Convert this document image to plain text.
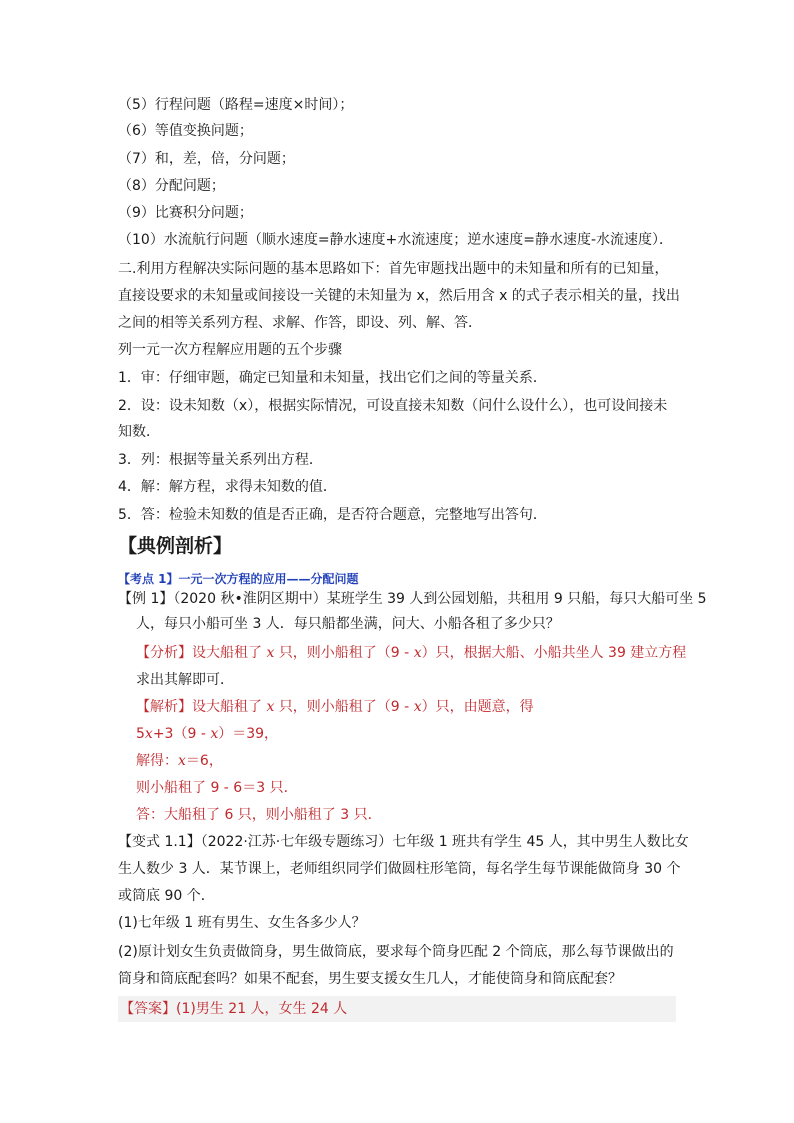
（5）行程问题（路程=速度×时间）；
（6）等值变换问题；
（7）和，差，倍，分问题；
（8）分配问题；
（9）比赛积分问题；
（10）水流航行问题（顺水速度=静水速度+水流速度；逆水速度=静水速度-水流速度）．
二.利用方程解决实际问题的基本思路如下：首先审题找出题中的未知量和所有的已知量，
直接设要求的未知量或间接设一关键的未知量为 x，然后用含 x 的式子表示相关的量，找出
之间的相等关系列方程、求解、作答，即设、列、解、答．
列一元一次方程解应用题的五个步骤
1．审：仔细审题，确定已知量和未知量，找出它们之间的等量关系．
2．设：设未知数（x），根据实际情况，可设直接未知数（问什么设什么），也可设间接未
知数．
3．列：根据等量关系列出方程．
4．解：解方程，求得未知数的值．
5．答：检验未知数的值是否正确，是否符合题意，完整地写出答句．
【典例剖析】
【考点 1】一元一次方程的应用——分配问题
【例 1】（2020 秋•淮阴区期中）某班学生 39 人到公园划船，共租用 9 只船，每只大船可坐 5
人，每只小船可坐 3 人．每只船都坐满，问大、小船各租了多少只？
【分析】设大船租了 x 只，则小船租了（9 - x）只，根据大船、小船共坐人 39 建立方程
求出其解即可．
【解析】设大船租了 x 只，则小船租了（9 - x）只，由题意，得
5x+3（9 - x）＝39，
解得：x＝6，
则小船租了 9 - 6＝3 只．
答：大船租了 6 只，则小船租了 3 只．
【变式 1.1】（2022·江苏·七年级专题练习）七年级 1 班共有学生 45 人，其中男生人数比女
生人数少 3 人．某节课上，老师组织同学们做圆柱形笔筒，每名学生每节课能做筒身 30 个
或筒底 90 个．
(1)七年级 1 班有男生、女生各多少人？
(2)原计划女生负责做筒身，男生做筒底，要求每个筒身匹配 2 个筒底，那么每节课做出的
筒身和筒底配套吗？如果不配套，男生要支援女生几人，才能使筒身和筒底配套？
【答案】(1)男生 21 人，女生 24 人
